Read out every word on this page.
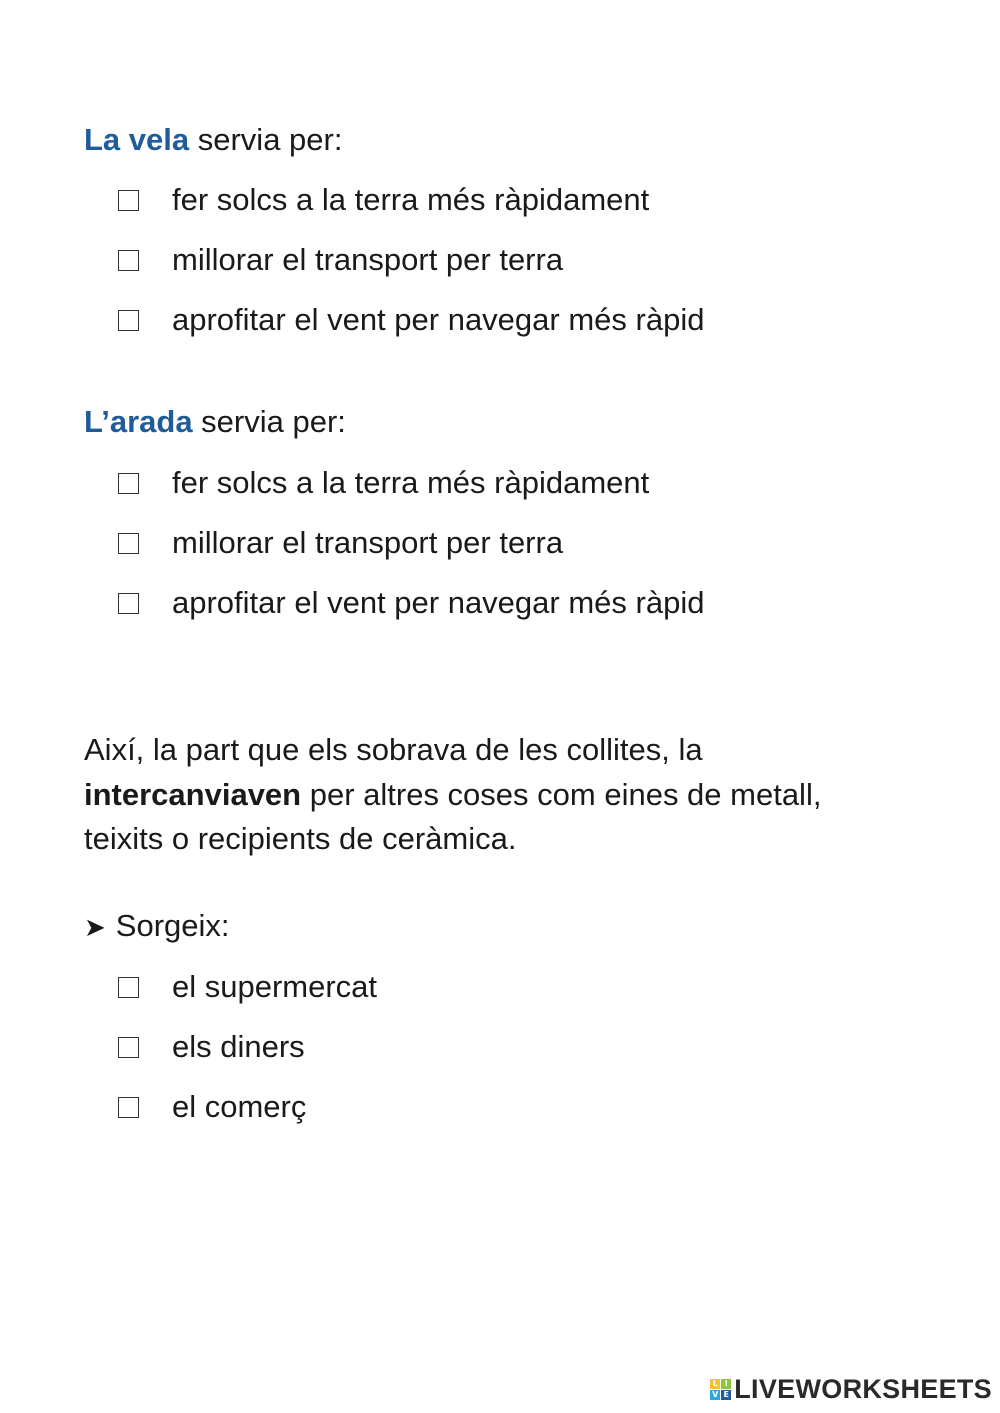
La vela servia per:
fer solcs a la terra més ràpidament
millorar el transport per terra
aprofitar el vent per navegar més ràpid
L’arada servia per:
fer solcs a la terra més ràpidament
millorar el transport per terra
aprofitar el vent per navegar més ràpid
Així, la part que els sobrava de les collites, la intercanviaven per altres coses com eines de metall, teixits o recipients de ceràmica.
➤ Sorgeix:
el supermercat
els diners
el comerç
L I
V E LIVEWORKSHEETS
